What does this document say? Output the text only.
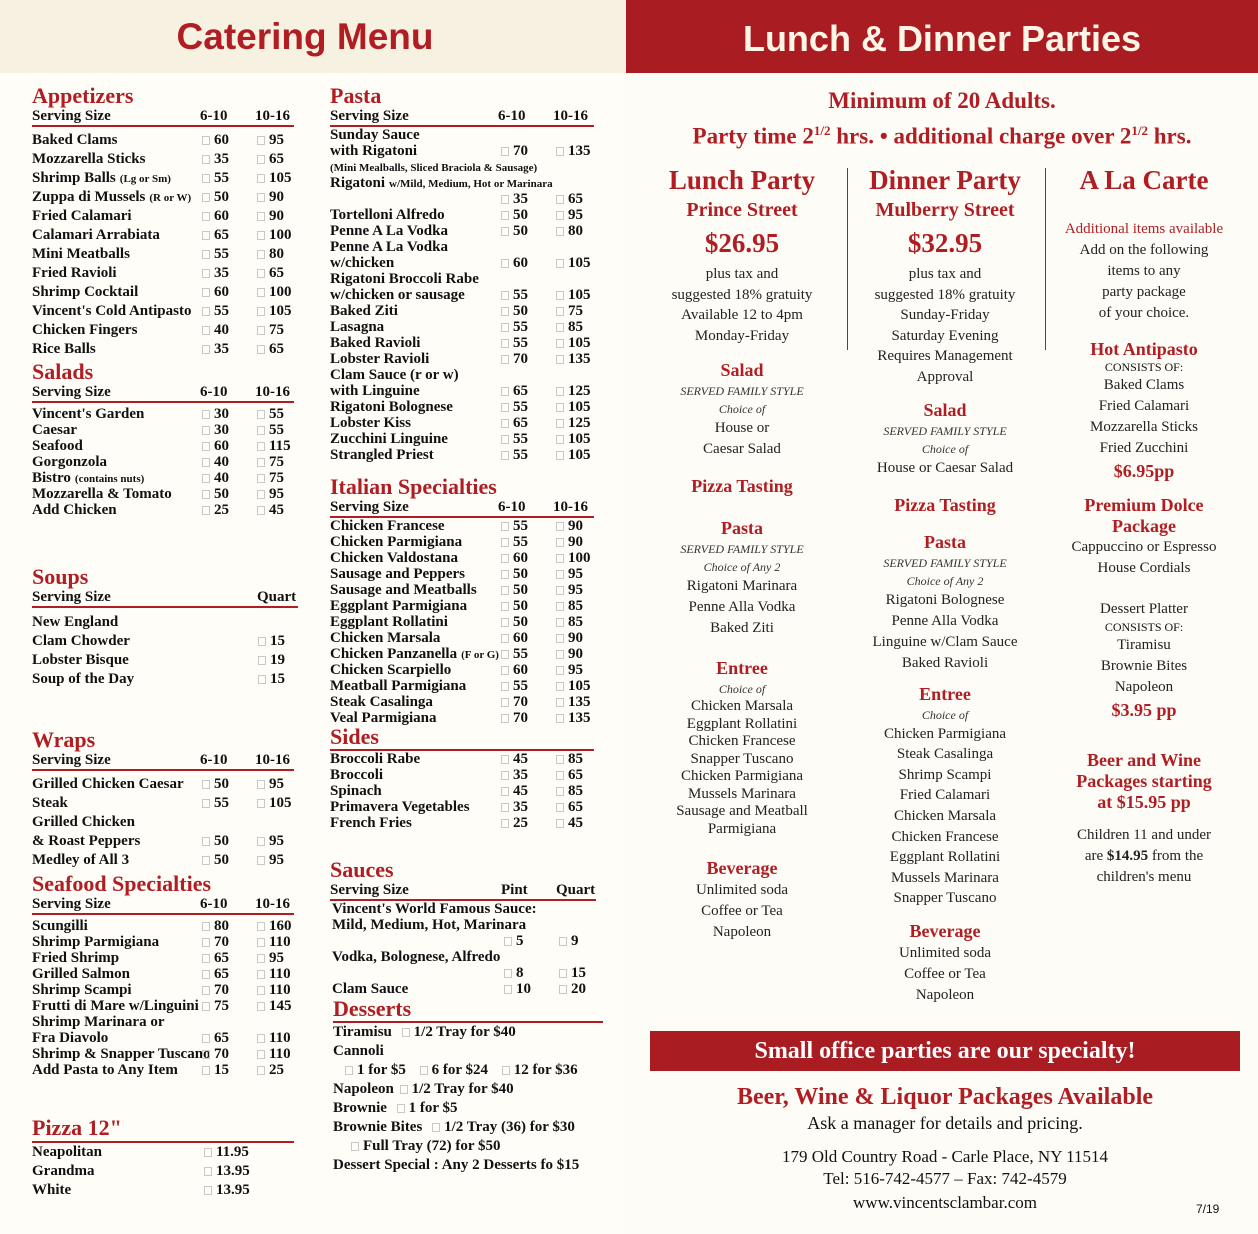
Catering Menu
Appetizers
Serving Size	6-10 10-16
Baked Clams	60	95
Mozzarella Sticks	35	65
Shrimp Balls (Lg or Sm)	55	105
Zuppa di Mussels (R or W)	50	90
Fried Calamari	60	90
Calamari Arrabiata	65	100
Mini Meatballs	55	80
Fried Ravioli	35	65
Shrimp Cocktail	60	100
Vincent's Cold Antipasto	55	105
Chicken Fingers	40	75
Rice Balls	35	65
Salads
Serving Size	6-10 10-16
Vincent's Garden	30	55
Caesar	30	55
Seafood	60	115
Gorgonzola	40	75
Bistro (contains nuts)	40	75
Mozzarella & Tomato	50	95
Add Chicken	25	45
Soups
Serving Size	Quart
New England
Clam Chowder	15
Lobster Bisque	19
Soup of the Day	15
Wraps
Serving Size	6-10 10-16
Grilled Chicken Caesar	50	95
Steak	55	105
Grilled Chicken
& Roast Peppers	50	95
Medley of All 3	50	95
Seafood Specialties
Serving Size	6-10 10-16
Scungilli	80	160
Shrimp Parmigiana	70	110
Fried Shrimp	65	95
Grilled Salmon	65	110
Shrimp Scampi	70	110
Frutti di Mare w/Linguini	75	145
Shrimp Marinara or
Fra Diavolo	65	110
Shrimp & Snapper Tuscano 70	110
Add Pasta to Any Item	15	25
Pizza 12"
Neapolitan	11.95
Grandma	13.95
White	13.95
Pasta
Serving Size	6-10 10-16
Sunday Sauce
with Rigatoni	70	135
(Mini Mealballs, Sliced Braciola & Sausage)
Rigatoni w/Mild, Medium, Hot or Marinara
35	65
Tortelloni Alfredo	50	95
Penne A La Vodka	50	80
Penne A La Vodka
w/chicken	60	105
Rigatoni Broccoli Rabe
w/chicken or sausage	55	105
Baked Ziti	50	75
Lasagna	55	85
Baked Ravioli	55	105
Lobster Ravioli	70	135
Clam Sauce (r or w)
with Linguine	65	125
Rigatoni Bolognese	55	105
Lobster Kiss	65	125
Zucchini Linguine	55	105
Strangled Priest	55	105
Italian Specialties
Serving Size	6-10 10-16
Chicken Francese	55	90
Chicken Parmigiana	55	90
Chicken Valdostana	60	100
Sausage and Peppers	50	95
Sausage and Meatballs	50	95
Eggplant Parmigiana	50	85
Eggplant Rollatini	50	85
Chicken Marsala	60	90
Chicken Panzanella (F or G) 55	90
Chicken Scarpiello	60	95
Meatball Parmigiana	55	105
Steak Casalinga	70	135
Veal Parmigiana	70	135
Sides
Broccoli Rabe	45	85
Broccoli	35	65
Spinach	45	85
Primavera Vegetables	35	65
French Fries	25	45
Sauces
Serving Size	Pint Quart
Vincent's World Famous Sauce:
Mild, Medium, Hot, Marinara
5	9
Vodka, Bolognese, Alfredo
8	15
Clam Sauce	10	20
Desserts
Tiramisu 1/2 Tray for $40
Cannoli
1 for $5 6 for $24 12 for $36
Napoleon 1/2 Tray for $40
Brownie 1 for $5
Brownie Bites 1/2 Tray (36) for $30
Full Tray (72) for $50
Dessert Special : Any 2 Desserts fo $15
Lunch & Dinner Parties
Minimum of 20 Adults.
Party time $2^{1/2}$ hrs. • additional charge over $2^{1/2}$ hrs.
Lunch Party
Prince Street
$26.95
plus tax and
suggested 18% gratuity
Available 12 to 4pm
Monday-Friday
Salad
SERVED FAMILY STYLE
Choice of
House or
Caesar Salad
Pizza Tasting
Pasta
SERVED FAMILY STYLE
Choice of Any 2
Rigatoni Marinara
Penne Alla Vodka
Baked Ziti
Entree
Choice of
Chicken Marsala
Eggplant Rollatini
Chicken Francese
Snapper Tuscano
Chicken Parmigiana
Mussels Marinara
Sausage and Meatball
Parmigiana
Beverage
Unlimited soda
Coffee or Tea
Napoleon
Dinner Party
Mulberry Street
$32.95
plus tax and
suggested 18% gratuity
Sunday-Friday
Saturday Evening
Requires Management
Approval
Salad
SERVED FAMILY STYLE
Choice of
House or Caesar Salad
Pizza Tasting
Pasta
SERVED FAMILY STYLE
Choice of Any 2
Rigatoni Bolognese
Penne Alla Vodka
Linguine w/Clam Sauce
Baked Ravioli
Entree
Choice of
Chicken Parmigiana
Steak Casalinga
Shrimp Scampi
Fried Calamari
Chicken Marsala
Chicken Francese
Eggplant Rollatini
Mussels Marinara
Snapper Tuscano
Beverage
Unlimited soda
Coffee or Tea
Napoleon
A La Carte
Additional items available
Add on the following
items to any
party package
of your choice.
Hot Antipasto
CONSISTS OF:
Baked Clams
Fried Calamari
Mozzarella Sticks
Fried Zucchini
$6.95pp
Premium Dolce
Package
Cappuccino or Espresso
House Cordials
Dessert Platter
CONSISTS OF:
Tiramisu
Brownie Bites
Napoleon
$3.95 pp
Beer and Wine
Packages starting
at $15.95 pp
Children 11 and under
are $14.95 from the
children's menu
Small office parties are our specialty!
Beer, Wine & Liquor Packages Available
Ask a manager for details and pricing.
179 Old Country Road - Carle Place, NY 11514
Tel: 516-742-4577 – Fax: 742-4579
www.vincentsclambar.com	7/19
